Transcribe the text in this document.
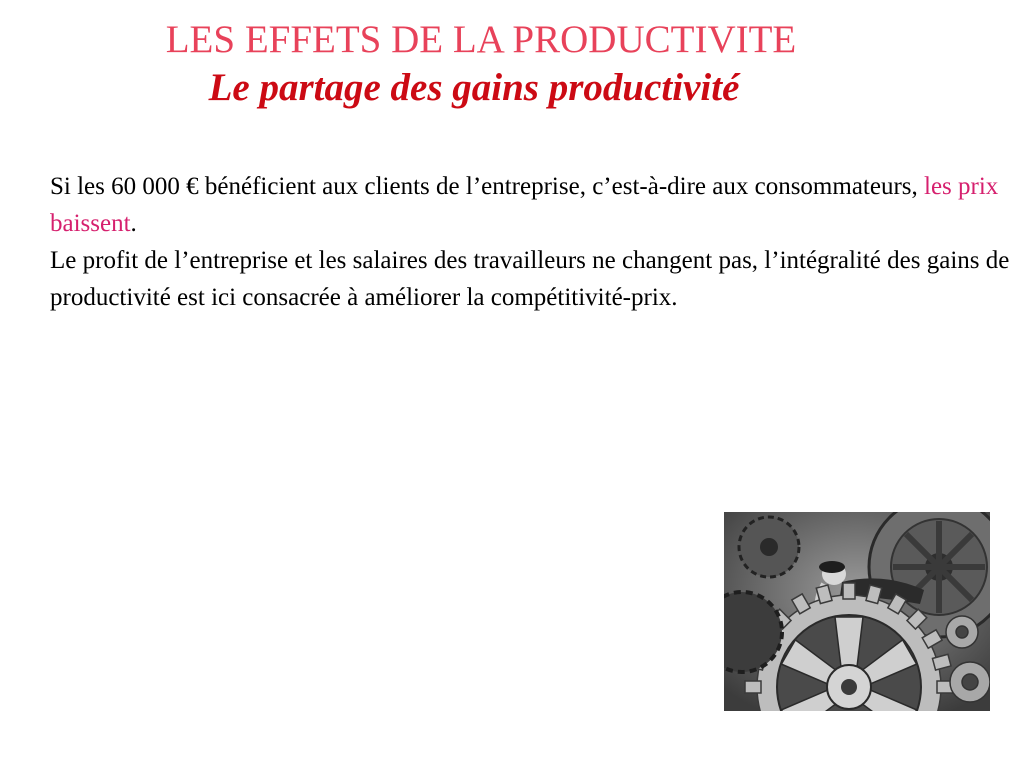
LES EFFETS DE LA PRODUCTIVITE
Le partage des gains productivité

Si les 60 000 € bénéficient aux clients de l’entreprise, c’est-à-dire aux consommateurs, les prix baissent.

Le profit de l’entreprise et les salaires des travailleurs ne changent pas, l’intégralité des gains de productivité est ici consacrée à améliorer la compétitivité-prix.
